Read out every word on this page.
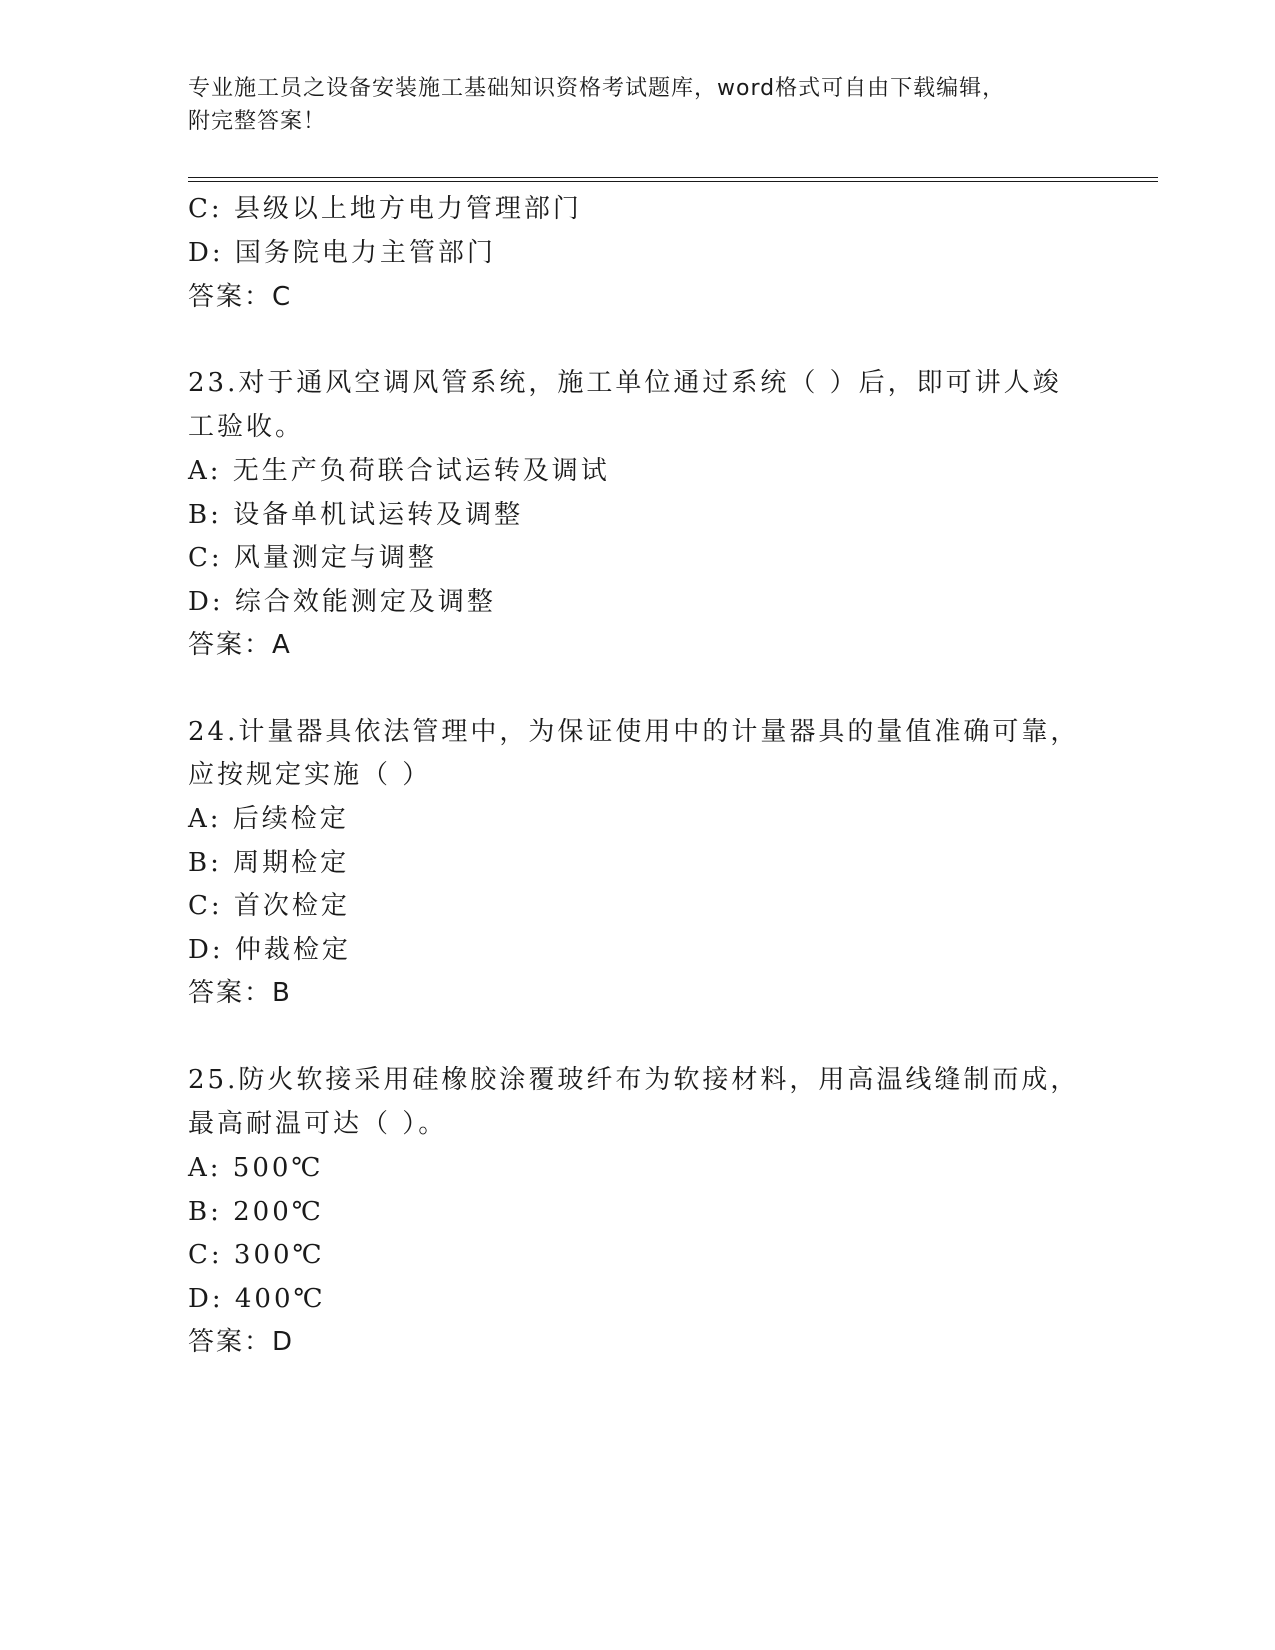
专业施工员之设备安装施工基础知识资格考试题库，word格式可自由下载编辑，
附完整答案！
C: 县级以上地方电力管理部门
D: 国务院电力主管部门
答案：C
23.对于通风空调风管系统，施工单位通过系统（ ）后，即可讲人竣
工验收。
A: 无生产负荷联合试运转及调试
B: 设备单机试运转及调整
C: 风量测定与调整
D: 综合效能测定及调整
答案：A
24.计量器具依法管理中，为保证使用中的计量器具的量值准确可靠，
应按规定实施（ ）
A: 后续检定
B: 周期检定
C: 首次检定
D: 仲裁检定
答案：B
25.防火软接采用硅橡胶涂覆玻纤布为软接材料，用高温线缝制而成，
最高耐温可达（ ）。
A: 500℃
B: 200℃
C: 300℃
D: 400℃
答案：D
